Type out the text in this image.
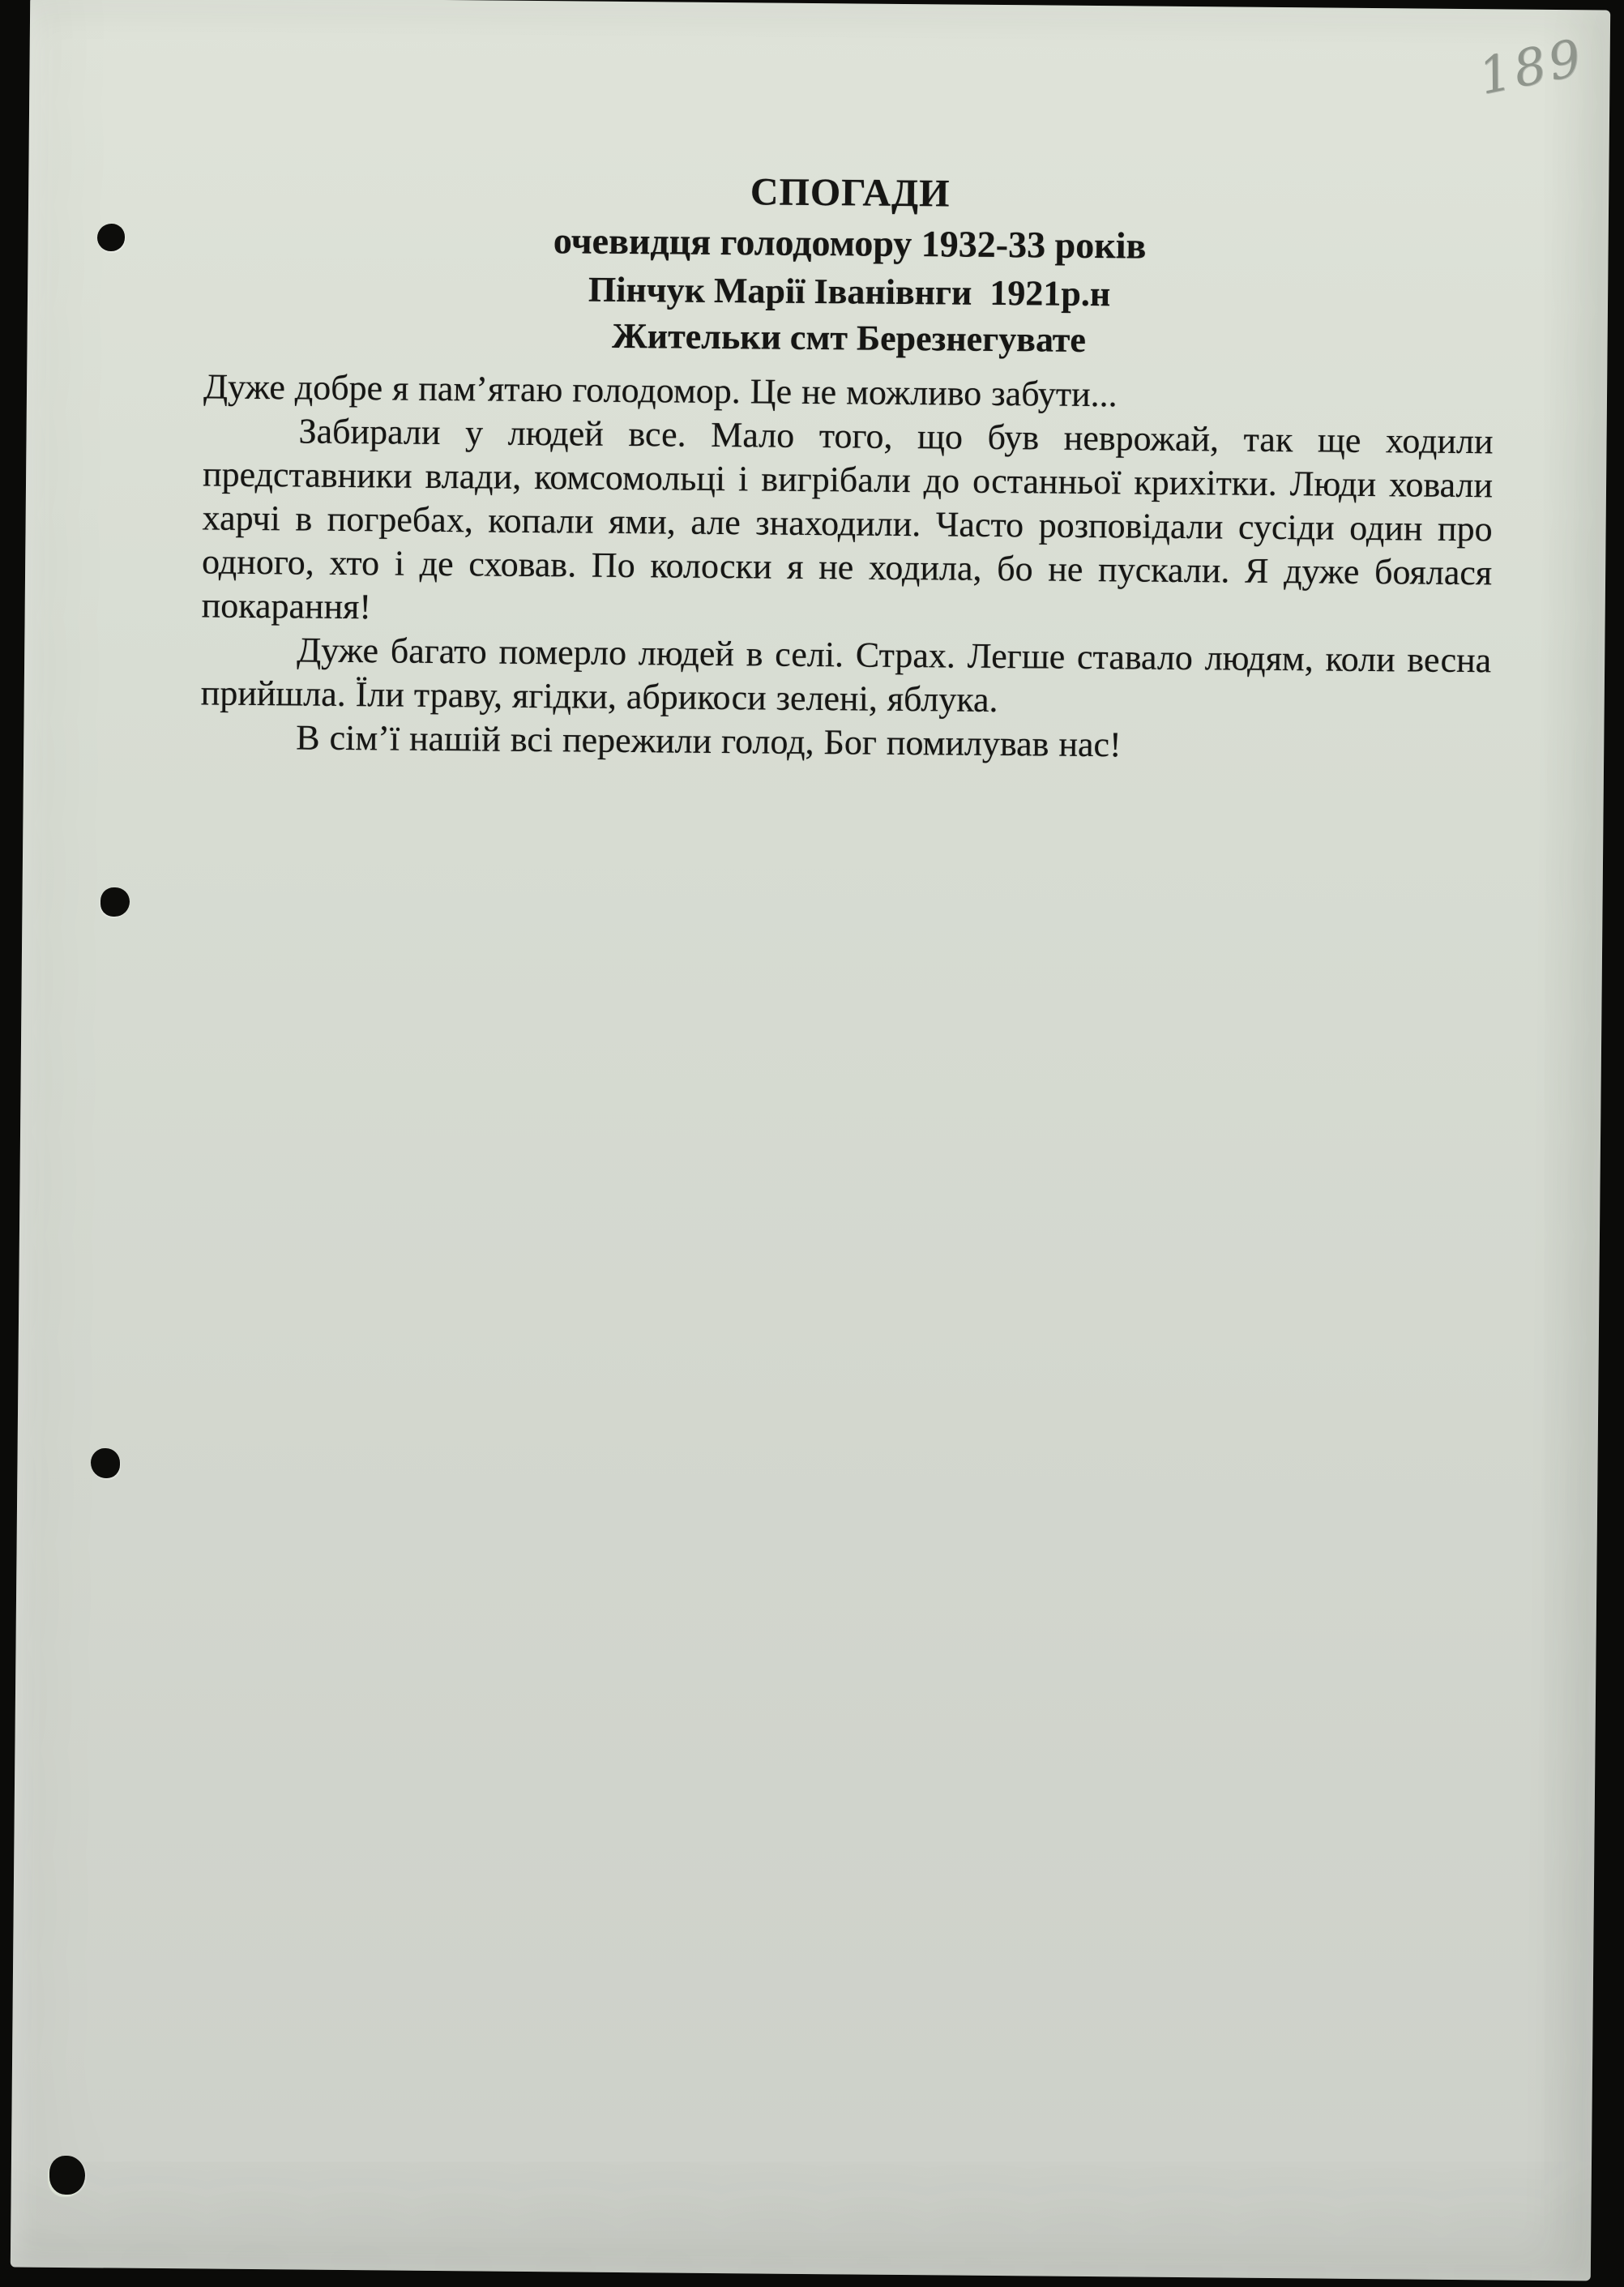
СПОГАДИ
очевидця голодомору 1932-33 років
Пінчук Марії Іванівнги  1921р.н
Жительки смт Березнегувате

Дуже добре я пам’ятаю голодомор. Це не можливо забути...

Забирали у людей все. Мало того, що був неврожай, так ще ходили представники влади, комсомольці і вигрібали до останньої крихітки. Люди ховали харчі в погребах, копали ями, але знаходили. Часто розповідали сусіди один про одного, хто і де сховав. По колоски я не ходила, бо не пускали. Я дуже боялася покарання!

Дуже багато померло людей в селі. Страх. Легше ставало людям, коли весна прийшла. Їли траву, ягідки, абрикоси зелені, яблука.

В сім’ї нашій всі пережили голод, Бог помилував нас!

189
